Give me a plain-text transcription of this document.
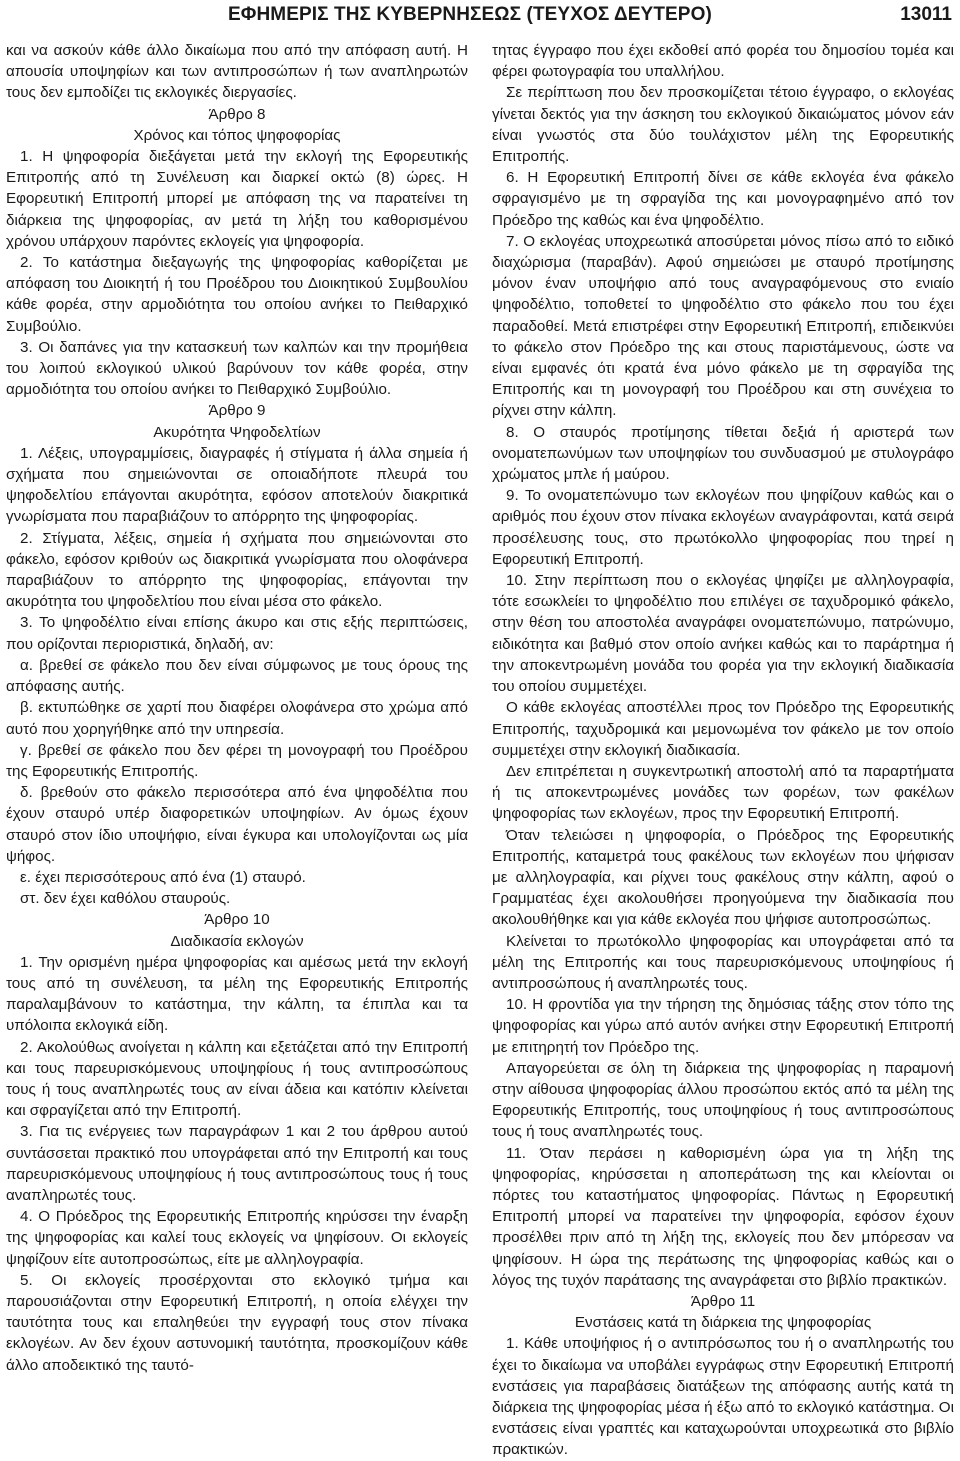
ΕΦΗΜΕΡΙΣ ΤΗΣ ΚΥΒΕΡΝΗΣΕΩΣ (ΤΕΥΧΟΣ ΔΕΥΤΕΡΟ)	13011

και να ασκούν κάθε άλλο δικαίωμα που από την απόφαση αυτή. Η απουσία υποψηφίων και των αντιπροσώπων ή των αναπληρωτών τους δεν εμποδίζει τις εκλογικές διεργασίες.

Άρθρο 8

Χρόνος και τόπος ψηφοφορίας

1. Η ψηφοφορία διεξάγεται μετά την εκλογή της Εφορευτικής Επιτροπής από τη Συνέλευση και διαρκεί οκτώ (8) ώρες. Η Εφορευτική Επιτροπή μπορεί με απόφαση της να παρατείνει τη διάρκεια της ψηφοφορίας, αν μετά τη λήξη του καθορισμένου χρόνου υπάρχουν παρόντες εκλογείς για ψηφοφορία.

2. Το κατάστημα διεξαγωγής της ψηφοφορίας καθορίζεται με απόφαση του Διοικητή ή του Προέδρου του Διοικητικού Συμβουλίου κάθε φορέα, στην αρμοδιότητα του οποίου ανήκει το Πειθαρχικό Συμβούλιο.

3. Οι δαπάνες για την κατασκευή των καλπών και την προμήθεια του λοιπού εκλογικού υλικού βαρύνουν τον κάθε φορέα, στην αρμοδιότητα του οποίου ανήκει το Πειθαρχικό Συμβούλιο.

Άρθρο 9

Ακυρότητα Ψηφοδελτίων

1. Λέξεις, υπογραμμίσεις, διαγραφές ή στίγματα ή άλλα σημεία ή σχήματα που σημειώνονται σε οποιαδήποτε πλευρά του ψηφοδελτίου επάγονται ακυρότητα, εφόσον αποτελούν διακριτικά γνωρίσματα που παραβιάζουν το απόρρητο της ψηφοφορίας.

2. Στίγματα, λέξεις, σημεία ή σχήματα που σημειώνονται στο φάκελο, εφόσον κριθούν ως διακριτικά γνωρίσματα που ολοφάνερα παραβιάζουν το απόρρητο της ψηφοφορίας, επάγονται την ακυρότητα του ψηφοδελτίου που είναι μέσα στο φάκελο.

3. Το ψηφοδέλτιο είναι επίσης άκυρο και στις εξής περιπτώσεις, που ορίζονται περιοριστικά, δηλαδή, αν:

α. βρεθεί σε φάκελο που δεν είναι σύμφωνος με τους όρους της απόφασης αυτής.

β. εκτυπώθηκε σε χαρτί που διαφέρει ολοφάνερα στο χρώμα από αυτό που χορηγήθηκε από την υπηρεσία.

γ. βρεθεί σε φάκελο που δεν φέρει τη μονογραφή του Προέδρου της Εφορευτικής Επιτροπής.

δ. βρεθούν στο φάκελο περισσότερα από ένα ψηφοδέλτια που έχουν σταυρό υπέρ διαφορετικών υποψηφίων. Αν όμως έχουν σταυρό στον ίδιο υποψήφιο, είναι έγκυρα και υπολογίζονται ως μία ψήφος.

ε. έχει περισσότερους από ένα (1) σταυρό.

στ. δεν έχει καθόλου σταυρούς.

Άρθρο 10

Διαδικασία εκλογών

1. Την ορισμένη ημέρα ψηφοφορίας και αμέσως μετά την εκλογή τους από τη συνέλευση, τα μέλη της Εφορευτικής Επιτροπής παραλαμβάνουν το κατάστημα, την κάλπη, τα έπιπλα και τα υπόλοιπα εκλογικά είδη.

2. Ακολούθως ανοίγεται η κάλπη και εξετάζεται από την Επιτροπή και τους παρευρισκόμενους υποψηφίους ή τους αντιπροσώπους τους ή τους αναπληρωτές τους αν είναι άδεια και κατόπιν κλείνεται και σφραγίζεται από την Επιτροπή.

3. Για τις ενέργειες των παραγράφων 1 και 2 του άρθρου αυτού συντάσσεται πρακτικό που υπογράφεται από την Επιτροπή και τους παρευρισκόμενους υποψηφίους ή τους αντιπροσώπους τους ή τους αναπληρωτές τους.

4. Ο Πρόεδρος της Εφορευτικής Επιτροπής κηρύσσει την έναρξη της ψηφοφορίας και καλεί τους εκλογείς να ψηφίσουν. Οι εκλογείς ψηφίζουν είτε αυτοπροσώπως, είτε με αλληλογραφία.

5. Οι εκλογείς προσέρχονται στο εκλογικό τμήμα και παρουσιάζονται στην Εφορευτική Επιτροπή, η οποία ελέγχει την ταυτότητα τους και επαληθεύει την εγγραφή τους στον πίνακα εκλογέων. Αν δεν έχουν αστυνομική ταυτότητα, προσκομίζουν κάθε άλλο αποδεικτικό της ταυτό-

τητας έγγραφο που έχει εκδοθεί από φορέα του δημοσίου τομέα και φέρει φωτογραφία του υπαλλήλου.

Σε περίπτωση που δεν προσκομίζεται τέτοιο έγγραφο, ο εκλογέας γίνεται δεκτός για την άσκηση του εκλογικού δικαιώματος μόνον εάν είναι γνωστός στα δύο τουλάχιστον μέλη της Εφορευτικής Επιτροπής.

6. Η Εφορευτική Επιτροπή δίνει σε κάθε εκλογέα ένα φάκελο σφραγισμένο με τη σφραγίδα της και μονογραφημένο από τον Πρόεδρο της καθώς και ένα ψηφοδέλτιο.

7. Ο εκλογέας υποχρεωτικά αποσύρεται μόνος πίσω από το ειδικό διαχώρισμα (παραβάν). Αφού σημειώσει με σταυρό προτίμησης μόνον έναν υποψήφιο από τους αναγραφόμενους στο ενιαίο ψηφοδέλτιο, τοποθετεί το ψηφοδέλτιο στο φάκελο που του έχει παραδοθεί. Μετά επιστρέφει στην Εφορευτική Επιτροπή, επιδεικνύει το φάκελο στον Πρόεδρο της και στους παριστάμενους, ώστε να είναι εμφανές ότι κρατά ένα μόνο φάκελο με τη σφραγίδα της Επιτροπής και τη μονογραφή του Προέδρου και στη συνέχεια το ρίχνει στην κάλπη.

8. Ο σταυρός προτίμησης τίθεται δεξιά ή αριστερά των ονοματεπωνύμων των υποψηφίων του συνδυασμού με στυλογράφο χρώματος μπλε ή μαύρου.

9. Το ονοματεπώνυμο των εκλογέων που ψηφίζουν καθώς και ο αριθμός που έχουν στον πίνακα εκλογέων αναγράφονται, κατά σειρά προσέλευσης τους, στο πρωτόκολλο ψηφοφορίας που τηρεί η Εφορευτική Επιτροπή.

10. Στην περίπτωση που ο εκλογέας ψηφίζει με αλληλογραφία, τότε εσωκλείει το ψηφοδέλτιο που επιλέγει σε ταχυδρομικό φάκελο, στην θέση του αποστολέα αναγράφει ονοματεπώνυμο, πατρώνυμο, ειδικότητα και βαθμό στον οποίο ανήκει καθώς και το παράρτημα ή την αποκεντρωμένη μονάδα του φορέα για την εκλογική διαδικασία του οποίου συμμετέχει.

Ο κάθε εκλογέας αποστέλλει προς τον Πρόεδρο της Εφορευτικής Επιτροπής, ταχυδρομικά και μεμονωμένα τον φάκελο με τον οποίο συμμετέχει στην εκλογική διαδικασία.

Δεν επιτρέπεται η συγκεντρωτική αποστολή από τα παραρτήματα ή τις αποκεντρωμένες μονάδες των φορέων, των φακέλων ψηφοφορίας των εκλογέων, προς την Εφορευτική Επιτροπή.

Όταν τελειώσει η ψηφοφορία, ο Πρόεδρος της Εφορευτικής Επιτροπής, καταμετρά τους φακέλους των εκλογέων που ψήφισαν με αλληλογραφία, και ρίχνει τους φακέλους στην κάλπη, αφού ο Γραμματέας έχει ακολουθήσει προηγούμενα την διαδικασία που ακολουθήθηκε και για κάθε εκλογέα που ψήφισε αυτοπροσώπως.

Κλείνεται το πρωτόκολλο ψηφοφορίας και υπογράφεται από τα μέλη της Επιτροπής και τους παρευρισκόμενους υποψηφίους ή αντιπροσώπους ή αναπληρωτές τους.

10. Η φροντίδα για την τήρηση της δημόσιας τάξης στον τόπο της ψηφοφορίας και γύρω από αυτόν ανήκει στην Εφορευτική Επιτροπή με επιτηρητή τον Πρόεδρο της.

Απαγορεύεται σε όλη τη διάρκεια της ψηφοφορίας η παραμονή στην αίθουσα ψηφοφορίας άλλου προσώπου εκτός από τα μέλη της Εφορευτικής Επιτροπής, τους υποψηφίους ή τους αντιπροσώπους τους ή τους αναπληρωτές τους.

11. Όταν περάσει η καθορισμένη ώρα για τη λήξη της ψηφοφορίας, κηρύσσεται η αποπεράτωση της και κλείονται οι πόρτες του καταστήματος ψηφοφορίας. Πάντως η Εφορευτική Επιτροπή μπορεί να παρατείνει την ψηφοφορία, εφόσον έχουν προσέλθει πριν από τη λήξη της, εκλογείς που δεν μπόρεσαν να ψηφίσουν. Η ώρα της περάτωσης της ψηφοφορίας καθώς και ο λόγος της τυχόν παράτασης της αναγράφεται στο βιβλίο πρακτικών.

Άρθρο 11

Ενστάσεις κατά τη διάρκεια της ψηφοφορίας

1. Κάθε υποψήφιος ή ο αντιπρόσωπος του ή ο αναπληρωτής του έχει το δικαίωμα να υποβάλει εγγράφως στην Εφορευτική Επιτροπή ενστάσεις για παραβάσεις διατάξεων της απόφασης αυτής κατά τη διάρκεια της ψηφοφορίας μέσα ή έξω από το εκλογικό κατάστημα. Οι ενστάσεις είναι γραπτές και καταχωρούνται υποχρεωτικά στο βιβλίο πρακτικών.
